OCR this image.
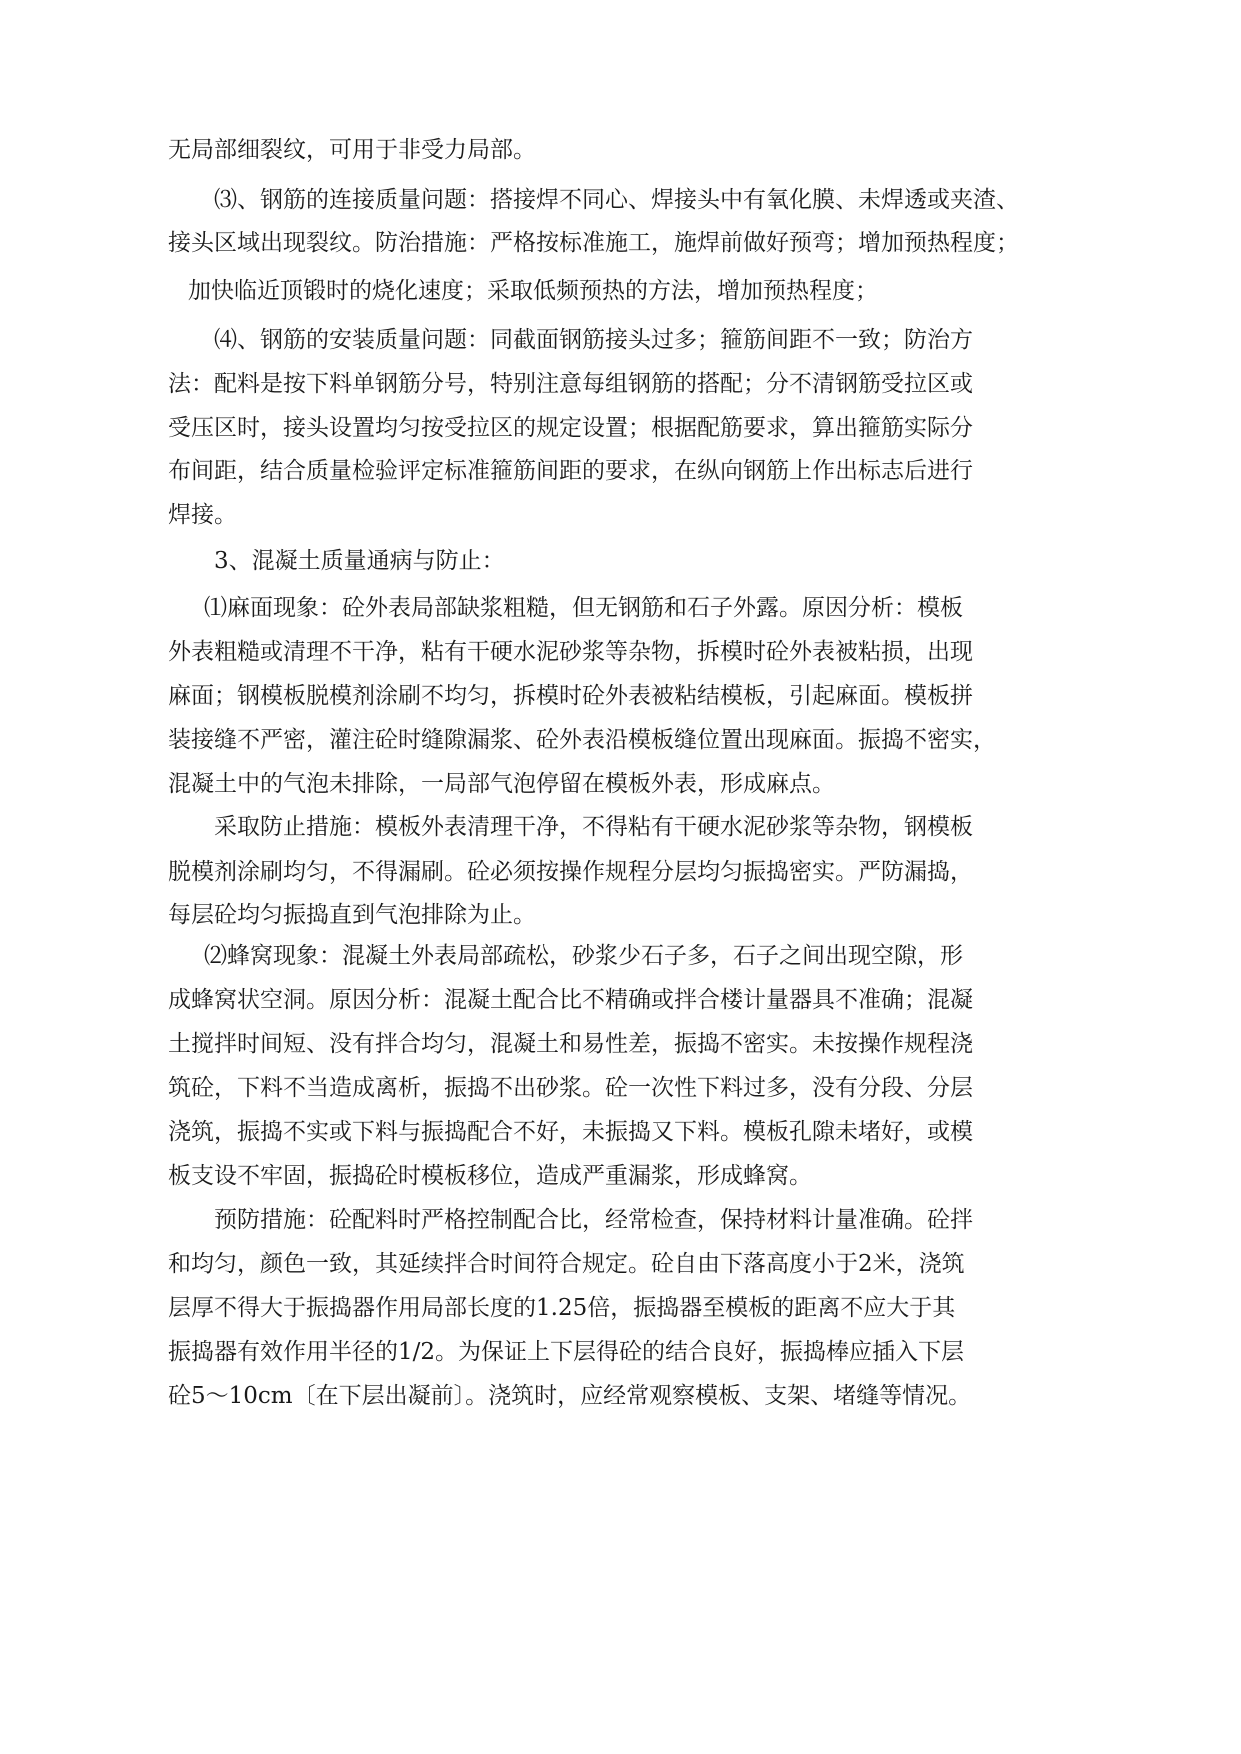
无局部细裂纹，可用于非受力局部。
⑶、钢筋的连接质量问题：搭接焊不同心、焊接头中有氧化膜、未焊透或夹渣、
接头区域出现裂纹。防治措施：严格按标准施工，施焊前做好预弯；增加预热程度；
加快临近顶锻时的烧化速度；采取低频预热的方法，增加预热程度；
⑷、钢筋的安装质量问题：同截面钢筋接头过多；箍筋间距不一致；防治方
法：配料是按下料单钢筋分号，特别注意每组钢筋的搭配；分不清钢筋受拉区或
受压区时，接头设置均匀按受拉区的规定设置；根据配筋要求，算出箍筋实际分
布间距，结合质量检验评定标准箍筋间距的要求，在纵向钢筋上作出标志后进行
焊接。
3、混凝土质量通病与防止：
⑴麻面现象：砼外表局部缺浆粗糙，但无钢筋和石子外露。原因分析：模板
外表粗糙或清理不干净，粘有干硬水泥砂浆等杂物，拆模时砼外表被粘损，出现
麻面；钢模板脱模剂涂刷不均匀，拆模时砼外表被粘结模板，引起麻面。模板拼
装接缝不严密，灌注砼时缝隙漏浆、砼外表沿模板缝位置出现麻面。振捣不密实，
混凝土中的气泡未排除，一局部气泡停留在模板外表，形成麻点。
采取防止措施：模板外表清理干净，不得粘有干硬水泥砂浆等杂物，钢模板
脱模剂涂刷均匀，不得漏刷。砼必须按操作规程分层均匀振捣密实。严防漏捣，
每层砼均匀振捣直到气泡排除为止。
⑵蜂窝现象：混凝土外表局部疏松，砂浆少石子多，石子之间出现空隙，形
成蜂窝状空洞。原因分析：混凝土配合比不精确或拌合楼计量器具不准确；混凝
土搅拌时间短、没有拌合均匀，混凝土和易性差，振捣不密实。未按操作规程浇
筑砼，下料不当造成离析，振捣不出砂浆。砼一次性下料过多，没有分段、分层
浇筑，振捣不实或下料与振捣配合不好，未振捣又下料。模板孔隙未堵好，或模
板支设不牢固，振捣砼时模板移位，造成严重漏浆，形成蜂窝。
预防措施：砼配料时严格控制配合比，经常检查，保持材料计量准确。砼拌
和均匀，颜色一致，其延续拌合时间符合规定。砼自由下落高度小于2米，浇筑
层厚不得大于振捣器作用局部长度的1.25倍，振捣器至模板的距离不应大于其
振捣器有效作用半径的1/2。为保证上下层得砼的结合良好，振捣棒应插入下层
砼5～10cm〔在下层出凝前〕。浇筑时，应经常观察模板、支架、堵缝等情况。
